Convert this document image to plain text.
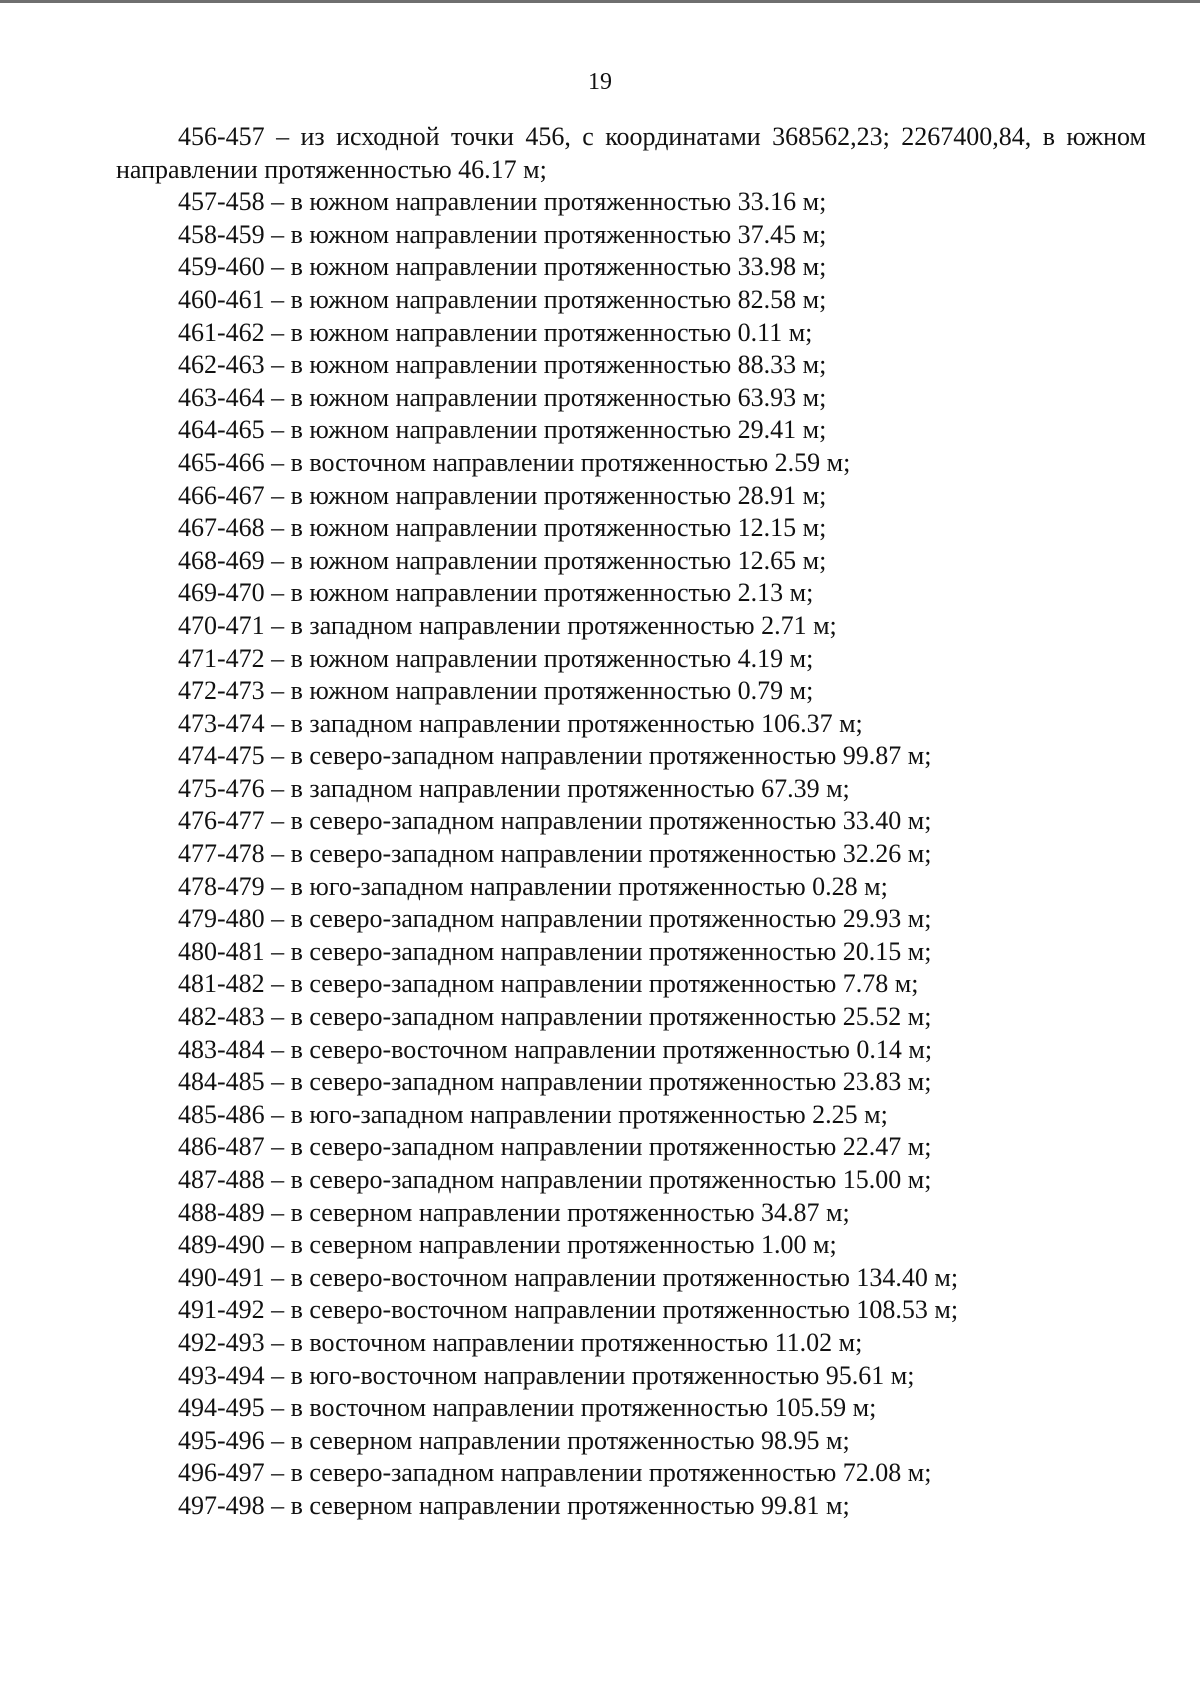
19

456-457 – из исходной точки 456, с координатами 368562,23; 2267400,84, в южном направлении протяженностью 46.17 м;

457-458 – в южном направлении протяженностью 33.16 м;
458-459 – в южном направлении протяженностью 37.45 м;
459-460 – в южном направлении протяженностью 33.98 м;
460-461 – в южном направлении протяженностью 82.58 м;
461-462 – в южном направлении протяженностью 0.11 м;
462-463 – в южном направлении протяженностью 88.33 м;
463-464 – в южном направлении протяженностью 63.93 м;
464-465 – в южном направлении протяженностью 29.41 м;
465-466 – в восточном направлении протяженностью 2.59 м;
466-467 – в южном направлении протяженностью 28.91 м;
467-468 – в южном направлении протяженностью 12.15 м;
468-469 – в южном направлении протяженностью 12.65 м;
469-470 – в южном направлении протяженностью 2.13 м;
470-471 – в западном направлении протяженностью 2.71 м;
471-472 – в южном направлении протяженностью 4.19 м;
472-473 – в южном направлении протяженностью 0.79 м;
473-474 – в западном направлении протяженностью 106.37 м;
474-475 – в северо-западном направлении протяженностью 99.87 м;
475-476 – в западном направлении протяженностью 67.39 м;
476-477 – в северо-западном направлении протяженностью 33.40 м;
477-478 – в северо-западном направлении протяженностью 32.26 м;
478-479 – в юго-западном направлении протяженностью 0.28 м;
479-480 – в северо-западном направлении протяженностью 29.93 м;
480-481 – в северо-западном направлении протяженностью 20.15 м;
481-482 – в северо-западном направлении протяженностью 7.78 м;
482-483 – в северо-западном направлении протяженностью 25.52 м;
483-484 – в северо-восточном направлении протяженностью 0.14 м;
484-485 – в северо-западном направлении протяженностью 23.83 м;
485-486 – в юго-западном направлении протяженностью 2.25 м;
486-487 – в северо-западном направлении протяженностью 22.47 м;
487-488 – в северо-западном направлении протяженностью 15.00 м;
488-489 – в северном направлении протяженностью 34.87 м;
489-490 – в северном направлении протяженностью 1.00 м;
490-491 – в северо-восточном направлении протяженностью 134.40 м;
491-492 – в северо-восточном направлении протяженностью 108.53 м;
492-493 – в восточном направлении протяженностью 11.02 м;
493-494 – в юго-восточном направлении протяженностью 95.61 м;
494-495 – в восточном направлении протяженностью 105.59 м;
495-496 – в северном направлении протяженностью 98.95 м;
496-497 – в северо-западном направлении протяженностью 72.08 м;
497-498 – в северном направлении протяженностью 99.81 м;
